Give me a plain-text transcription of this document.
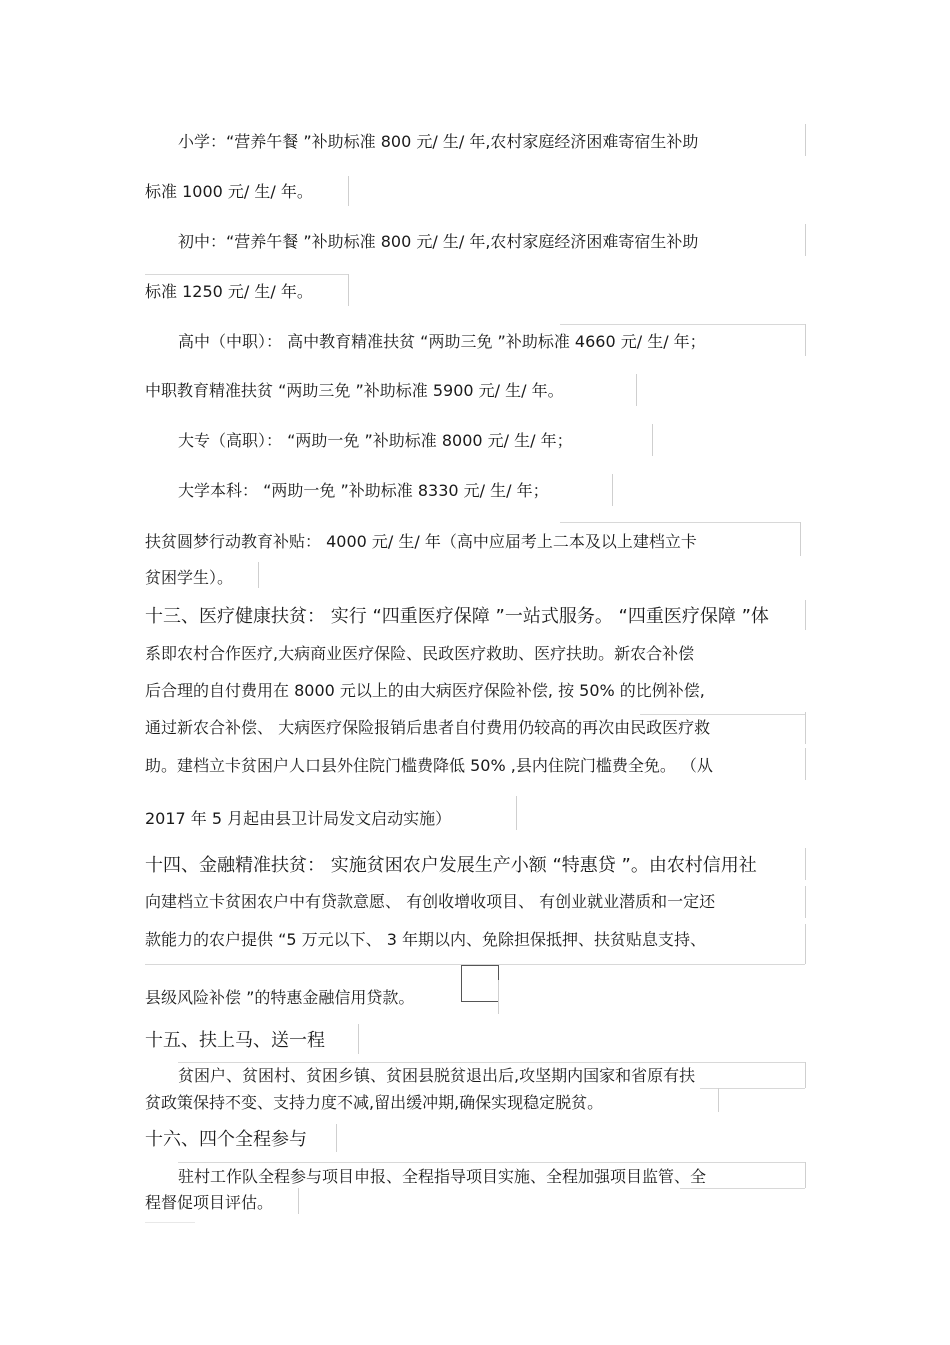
小学：“营养午餐 ”补助标准 800 元/ 生/ 年,农村家庭经济困难寄宿生补助
标准 1000 元/ 生/ 年。
初中：“营养午餐 ”补助标准 800 元/ 生/ 年,农村家庭经济困难寄宿生补助
标准 1250 元/ 生/ 年。
高中（中职）： 高中教育精准扶贫 “两助三免 ”补助标准 4660 元/ 生/ 年；
中职教育精准扶贫 “两助三免 ”补助标准 5900 元/ 生/ 年。
大专（高职）： “两助一免 ”补助标准 8000 元/ 生/ 年；
大学本科： “两助一免 ”补助标准 8330 元/ 生/ 年；
扶贫圆梦行动教育补贴： 4000 元/ 生/ 年（高中应届考上二本及以上建档立卡
贫困学生）。
十三、医疗健康扶贫： 实行 “四重医疗保障 ”一站式服务。 “四重医疗保障 ”体
系即农村合作医疗,大病商业医疗保险、民政医疗救助、医疗扶助。新农合补偿
后合理的自付费用在 8000 元以上的由大病医疗保险补偿, 按 50% 的比例补偿,
通过新农合补偿、 大病医疗保险报销后患者自付费用仍较高的再次由民政医疗救
助。建档立卡贫困户人口县外住院门槛费降低 50% ,县内住院门槛费全免。 （从
2017 年 5 月起由县卫计局发文启动实施）
十四、金融精准扶贫： 实施贫困农户发展生产小额 “特惠贷 ”。由农村信用社
向建档立卡贫困农户中有贷款意愿、 有创收增收项目、 有创业就业潜质和一定还
款能力的农户提供 “5 万元以下、 3 年期以内、免除担保抵押、扶贫贴息支持、
县级风险补偿 ”的特惠金融信用贷款。
十五、扶上马、送一程
贫困户、贫困村、贫困乡镇、贫困县脱贫退出后,攻坚期内国家和省原有扶
贫政策保持不变、支持力度不减,留出缓冲期,确保实现稳定脱贫。
十六、四个全程参与
驻村工作队全程参与项目申报、全程指导项目实施、全程加强项目监管、全
程督促项目评估。
